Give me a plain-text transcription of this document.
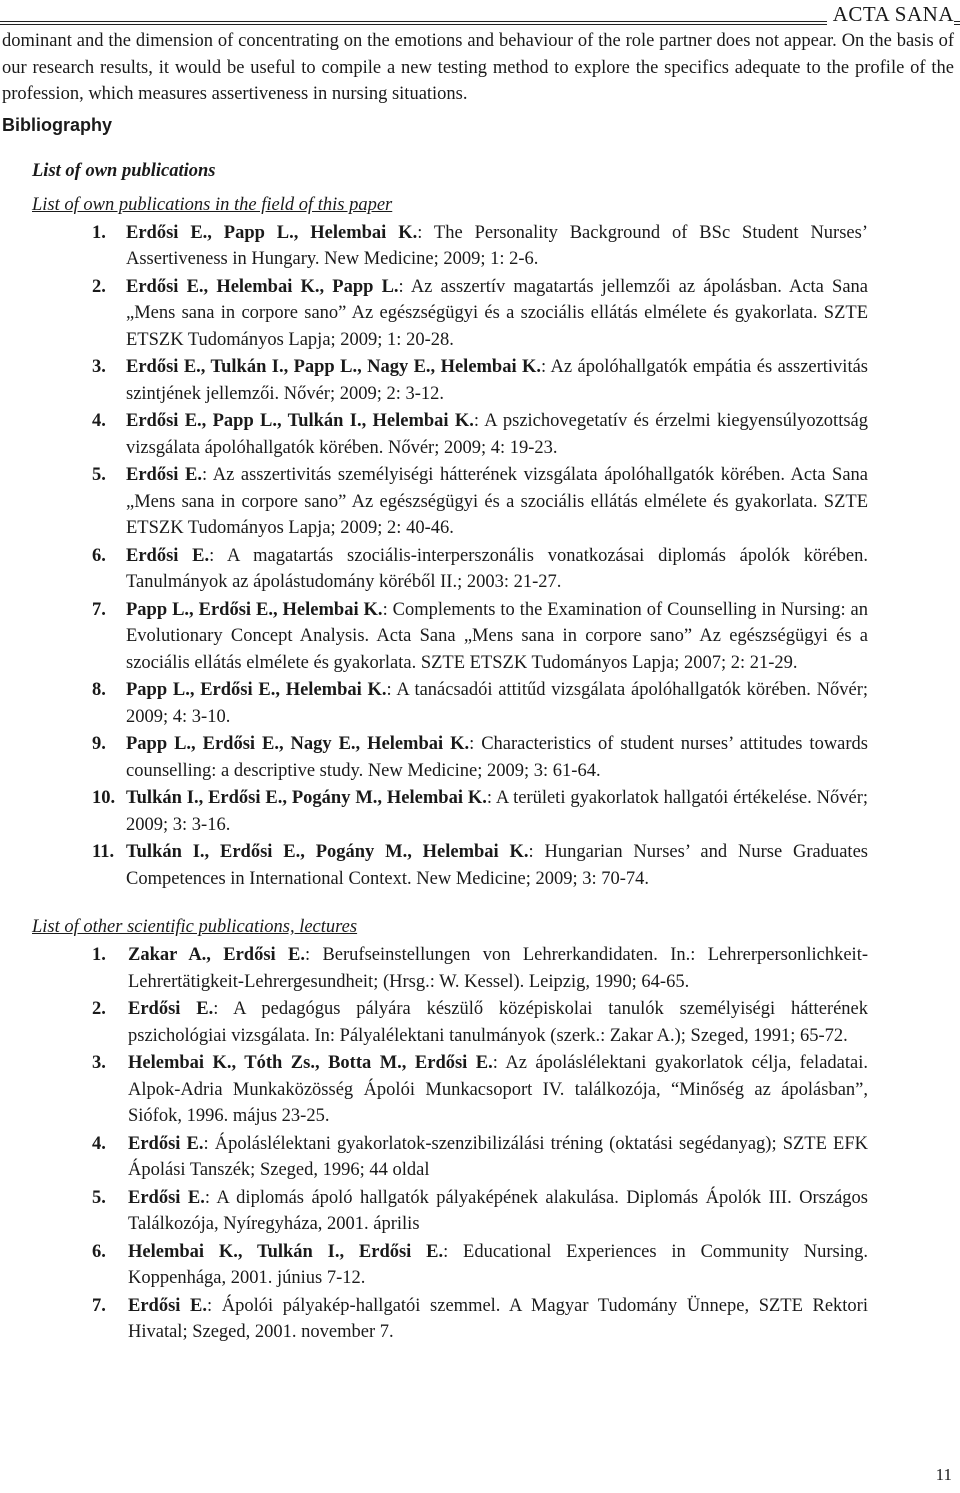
ACTA SANA

dominant and the dimension of concentrating on the emotions and behaviour of the role partner does not appear. On the basis of our research results, it would be useful to compile a new testing method to explore the specifics adequate to the profile of the profession, which measures assertiveness in nursing situations.

Bibliography
List of own publications
List of own publications in the field of this paper
1. Erdősi E., Papp L., Helembai K.: The Personality Background of BSc Student Nurses’ Assertiveness in Hungary. New Medicine; 2009; 1: 2-6.
2. Erdősi E., Helembai K., Papp L.: Az asszertív magatartás jellemzői az ápolásban. Acta Sana „Mens sana in corpore sano” Az egészségügyi és a szociális ellátás elmélete és gyakorlata. SZTE ETSZK Tudományos Lapja; 2009; 1: 20-28.
3. Erdősi E., Tulkán I., Papp L., Nagy E., Helembai K.: Az ápolóhallgatók empátia és asszertivitás szintjének jellemzői. Nővér; 2009; 2: 3-12.
4. Erdősi E., Papp L., Tulkán I., Helembai K.: A pszichovegetatív és érzelmi kiegyensúlyozottság vizsgálata ápolóhallgatók körében. Nővér; 2009; 4: 19-23.
5. Erdősi E.: Az asszertivitás személyiségi hátterének vizsgálata ápolóhallgatók körében. Acta Sana „Mens sana in corpore sano” Az egészségügyi és a szociális ellátás elmélete és gyakorlata. SZTE ETSZK Tudományos Lapja; 2009; 2: 40-46.
6. Erdősi E.: A magatartás szociális-interperszonális vonatkozásai diplomás ápolók körében. Tanulmányok az ápolástudomány köréből II.; 2003: 21-27.
7. Papp L., Erdősi E., Helembai K.: Complements to the Examination of Counselling in Nursing: an Evolutionary Concept Analysis. Acta Sana „Mens sana in corpore sano” Az egészségügyi és a szociális ellátás elmélete és gyakorlata. SZTE ETSZK Tudományos Lapja; 2007; 2: 21-29.
8. Papp L., Erdősi E., Helembai K.: A tanácsadói attitűd vizsgálata ápolóhallgatók körében. Nővér; 2009; 4: 3-10.
9. Papp L., Erdősi E., Nagy E., Helembai K.: Characteristics of student nurses’ attitudes towards counselling: a descriptive study. New Medicine; 2009; 3: 61-64.
10. Tulkán I., Erdősi E., Pogány M., Helembai K.: A területi gyakorlatok hallgatói értékelése. Nővér; 2009; 3: 3-16.
11. Tulkán I., Erdősi E., Pogány M., Helembai K.: Hungarian Nurses’ and Nurse Graduates Competences in International Context. New Medicine; 2009; 3: 70-74.
List of other scientific publications, lectures
1. Zakar A., Erdősi E.: Berufseinstellungen von Lehrerkandidaten. In.: Lehrerpersonlichkeit-Lehrertätigkeit-Lehrergesundheit; (Hrsg.: W. Kessel). Leipzig, 1990; 64-65.
2. Erdősi E.: A pedagógus pályára készülő középiskolai tanulók személyiségi hátterének pszichológiai vizsgálata. In: Pályalélektani tanulmányok (szerk.: Zakar A.); Szeged, 1991; 65-72.
3. Helembai K., Tóth Zs., Botta M., Erdősi E.: Az ápoláslélektani gyakorlatok célja, feladatai. Alpok-Adria Munkaközösség Ápolói Munkacsoport IV. találkozója, “Minőség az ápolásban”, Siófok, 1996. május 23-25.
4. Erdősi E.: Ápoláslélektani gyakorlatok-szenzibilizálási tréning (oktatási segédanyag); SZTE EFK Ápolási Tanszék; Szeged, 1996; 44 oldal
5. Erdősi E.: A diplomás ápoló hallgatók pályaképének alakulása. Diplomás Ápolók III. Országos Találkozója, Nyíregyháza, 2001. április
6. Helembai K., Tulkán I., Erdősi E.: Educational Experiences in Community Nursing. Koppenhága, 2001. június 7-12.
7. Erdősi E.: Ápolói pályakép-hallgatói szemmel. A Magyar Tudomány Ünnepe, SZTE Rektori Hivatal; Szeged, 2001. november 7.
11
